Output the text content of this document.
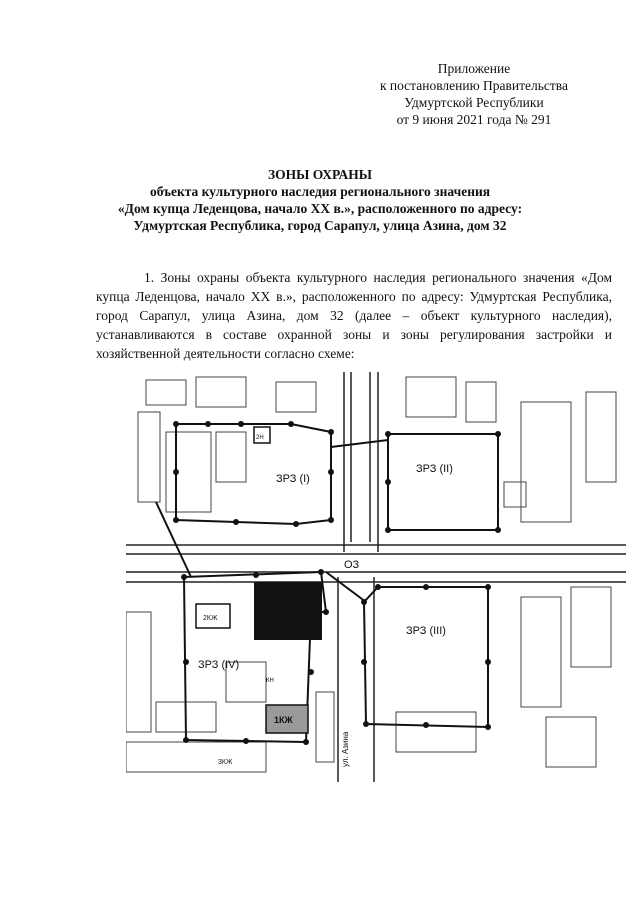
Приложение
к постановлению Правительства
Удмуртской Республики
от 9 июня 2021 года № 291
ЗОНЫ ОХРАНЫ
объекта культурного наследия регионального значения
«Дом купца Леденцова, начало XX в.», расположенного по адресу:
Удмуртская Республика, город Сарапул, улица Азина, дом 32

1. Зоны охраны объекта культурного наследия регионального значения «Дом купца Леденцова, начало XX в.», расположенного по адресу: Удмуртская Республика, город Сарапул, улица Азина, дом 32 (далее – объект культурного наследия), устанавливаются в составе охранной зоны и зоны регулирования застройки и хозяйственной деятельности согласно схеме:

ЗРЗ (I)
ЗРЗ (II)
ЗРЗ (III)
ЗРЗ (IV)
ОЗ
2КЖ
1КЖ
3КЖ
2Н
КН
ул. Азина
